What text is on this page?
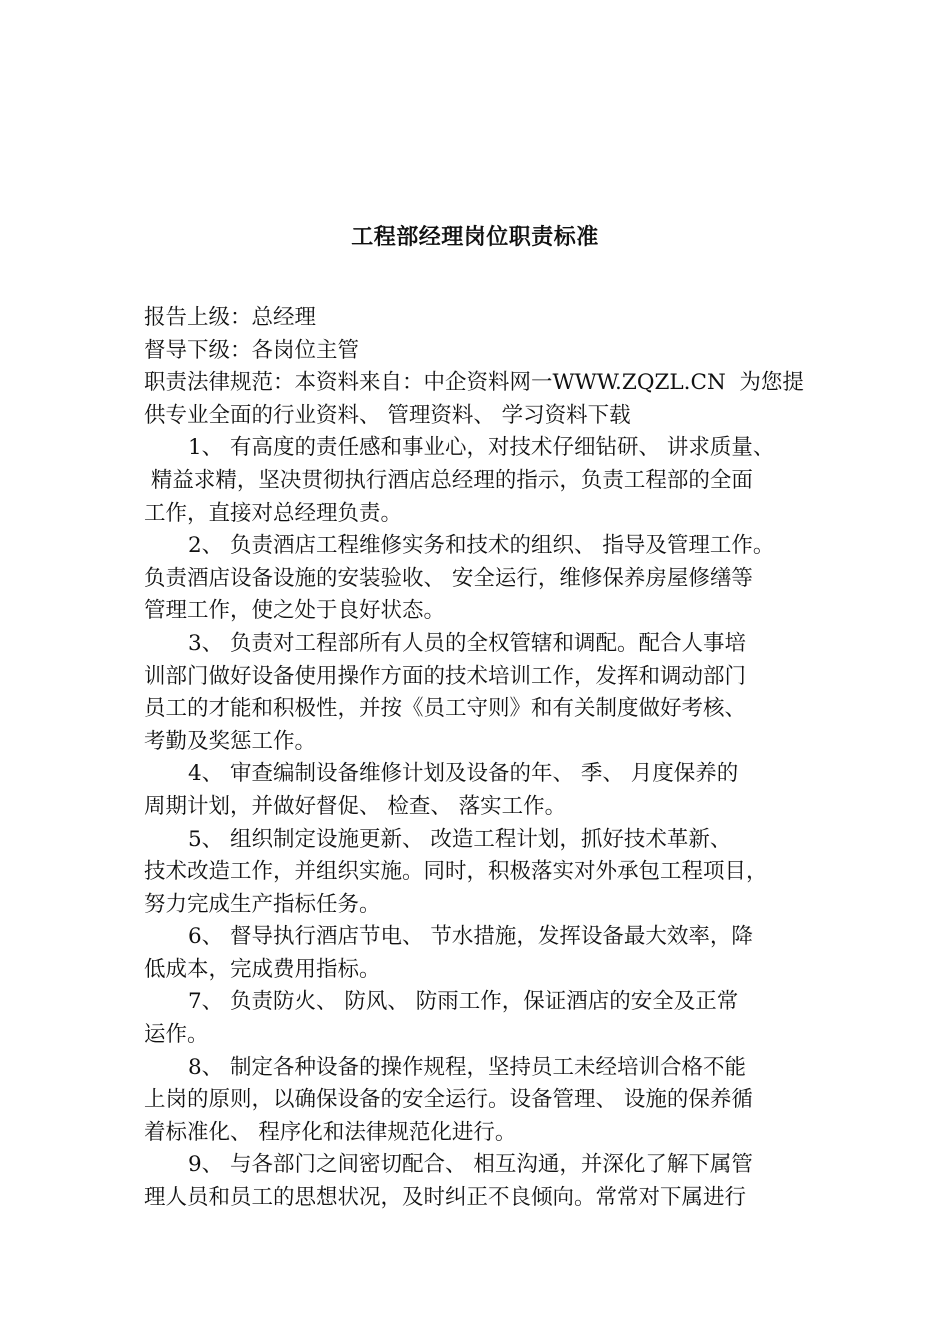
工程部经理岗位职责标准
报告上级：总经理
督导下级：各岗位主管
职责法律规范：本资料来自：中企资料网一WWW.ZQZL.CN  为您提
供专业全面的行业资料、 管理资料、 学习资料下载
1、 有高度的责任感和事业心，对技术仔细钻研、 讲求质量、
精益求精，坚决贯彻执行酒店总经理的指示，负责工程部的全面
工作，直接对总经理负责。
2、 负责酒店工程维修实务和技术的组织、 指导及管理工作。
负责酒店设备设施的安装验收、 安全运行，维修保养房屋修缮等
管理工作，使之处于良好状态。
3、 负责对工程部所有人员的全权管辖和调配。配合人事培
训部门做好设备使用操作方面的技术培训工作，发挥和调动部门
员工的才能和积极性，并按《员工守则》和有关制度做好考核、
考勤及奖惩工作。
4、 审查编制设备维修计划及设备的年、 季、 月度保养的
周期计划，并做好督促、 检查、 落实工作。
5、 组织制定设施更新、 改造工程计划，抓好技术革新、
技术改造工作，并组织实施。同时，积极落实对外承包工程项目，
努力完成生产指标任务。
6、 督导执行酒店节电、 节水措施，发挥设备最大效率，降
低成本，完成费用指标。
7、 负责防火、 防风、 防雨工作，保证酒店的安全及正常
运作。
8、 制定各种设备的操作规程，坚持员工未经培训合格不能
上岗的原则，以确保设备的安全运行。设备管理、 设施的保养循
着标准化、 程序化和法律规范化进行。
9、 与各部门之间密切配合、 相互沟通，并深化了解下属管
理人员和员工的思想状况，及时纠正不良倾向。常常对下属进行
